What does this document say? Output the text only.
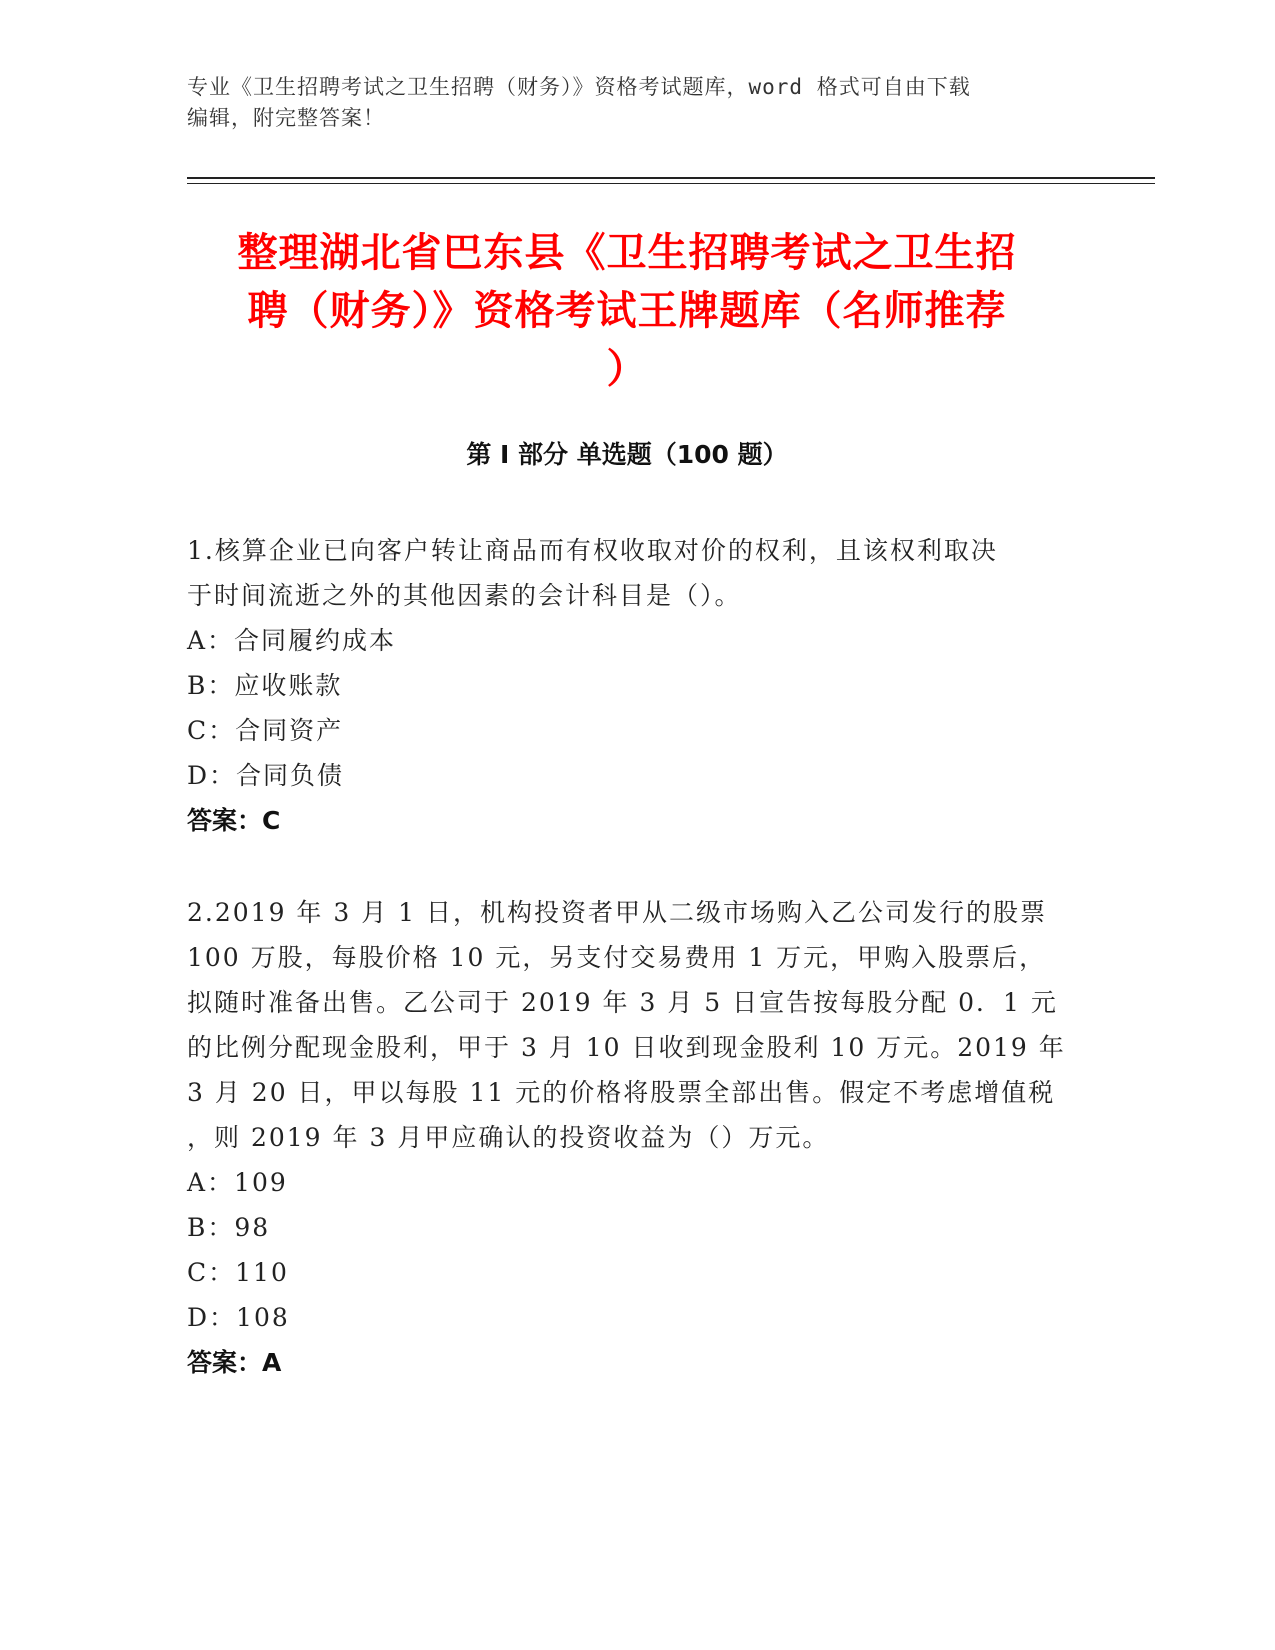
专业《卫生招聘考试之卫生招聘（财务）》资格考试题库，word 格式可自由下载
编辑，附完整答案！
整理湖北省巴东县《卫生招聘考试之卫生招
聘（财务）》资格考试王牌题库（名师推荐
）
第 I 部分 单选题（100 题）

1.核算企业已向客户转让商品而有权收取对价的权利，且该权利取决

于时间流逝之外的其他因素的会计科目是（）。

A：合同履约成本

B：应收账款

C：合同资产

D：合同负债

答案：C

2.2019 年 3 月 1 日，机构投资者甲从二级市场购入乙公司发行的股票

100 万股，每股价格 10 元，另支付交易费用 1 万元，甲购入股票后，

拟随时准备出售。乙公司于 2019 年 3 月 5 日宣告按每股分配 0．1 元

的比例分配现金股利，甲于 3 月 10 日收到现金股利 10 万元。2019 年

3 月 20 日，甲以每股 11 元的价格将股票全部出售。假定不考虑增值税

，则 2019 年 3 月甲应确认的投资收益为（）万元。

A：109

B：98

C：110

D：108

答案：A
